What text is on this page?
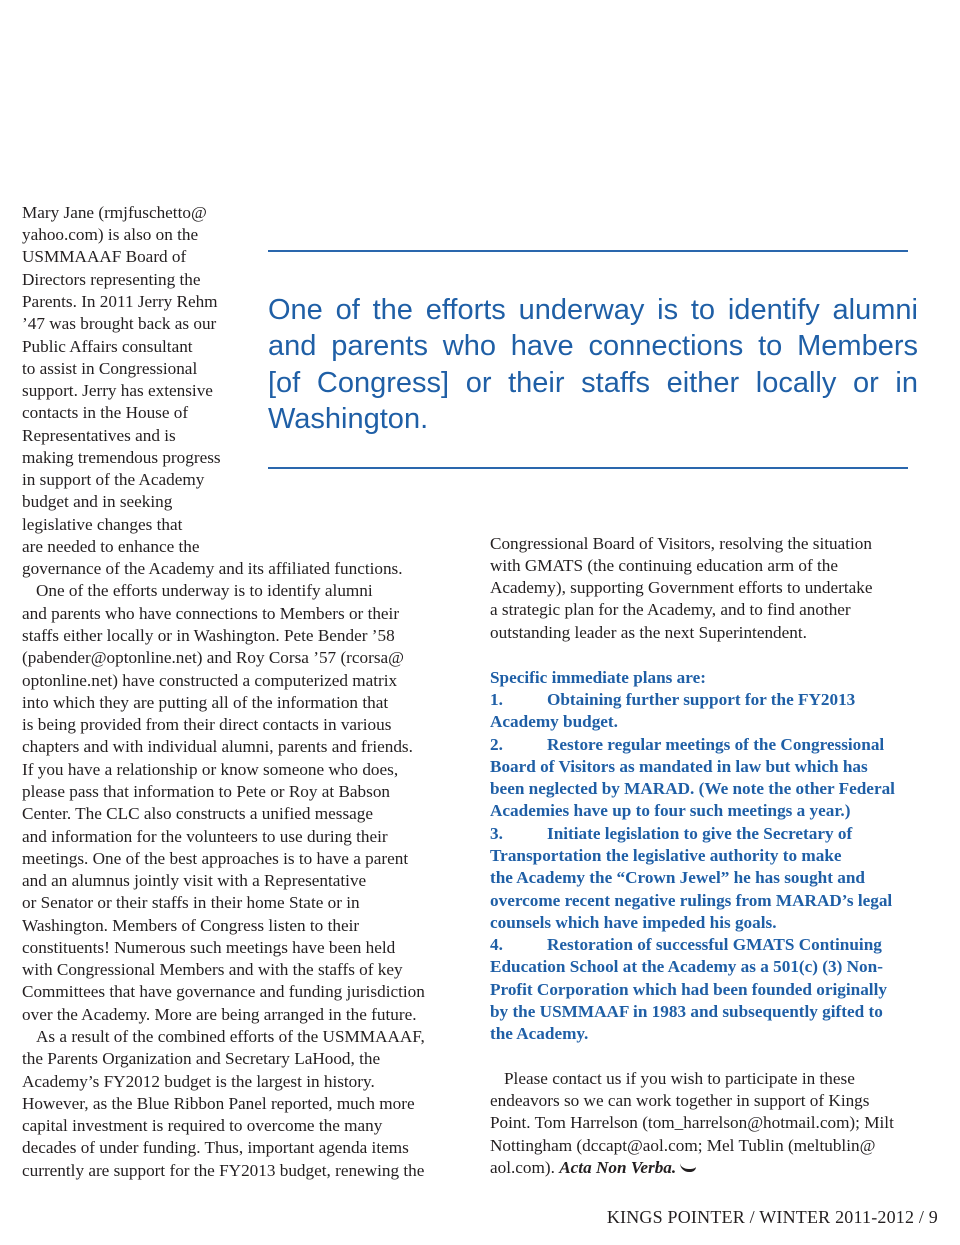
Mary Jane (rmjfuschetto@

yahoo.com) is also on the

USMMAAAF Board of

Directors representing the

Parents. In 2011 Jerry Rehm

’47 was brought back as our

Public Affairs consultant

to assist in Congressional

support. Jerry has extensive

contacts in the House of

Representatives and is

making tremendous progress

in support of the Academy

budget and in seeking

legislative changes that

are needed to enhance the

governance of the Academy and its affiliated functions.

One of the efforts underway is to identify alumni

and parents who have connections to Members or their

staffs either locally or in Washington. Pete Bender ’58

(pabender@optonline.net) and Roy Corsa ’57 (rcorsa@

optonline.net) have constructed a computerized matrix

into which they are putting all of the information that

is being provided from their direct contacts in various

chapters and with individual alumni, parents and friends.

If you have a relationship or know someone who does,

please pass that information to Pete or Roy at Babson

Center. The CLC also constructs a unified message

and information for the volunteers to use during their

meetings. One of the best approaches is to have a parent

and an alumnus jointly visit with a Representative

or Senator or their staffs in their home State or in

Washington. Members of Congress listen to their

constituents! Numerous such meetings have been held

with Congressional Members and with the staffs of key

Committees that have governance and funding jurisdiction

over the Academy. More are being arranged in the future.

As a result of the combined efforts of the USMMAAAF,

the Parents Organization and Secretary LaHood, the

Academy’s FY2012 budget is the largest in history.

However, as the Blue Ribbon Panel reported, much more

capital investment is required to overcome the many

decades of under funding. Thus, important agenda items

currently are support for the FY2013 budget, renewing the

One of the efforts underway is to identify alumni
and parents who have connections to Members
[of Congress] or their staffs either locally or in
Washington.

Congressional Board of Visitors, resolving the situation

with GMATS (the continuing education arm of the

Academy), supporting Government efforts to undertake

a strategic plan for the Academy, and to find another

outstanding leader as the next Superintendent.

Specific immediate plans are:

1.	Obtaining further support for the FY2013

Academy budget.

2.	Restore regular meetings of the Congressional

Board of Visitors as mandated in law but which has

been neglected by MARAD. (We note the other Federal

Academies have up to four such meetings a year.)

3.	Initiate legislation to give the Secretary of

Transportation the legislative authority to make

the Academy the “Crown Jewel” he has sought and

overcome recent negative rulings from MARAD’s legal

counsels which have impeded his goals.

4.	Restoration of successful GMATS Continuing

Education School at the Academy as a 501(c) (3) Non-

Profit Corporation which had been founded originally

by the USMMAAF in 1983 and subsequently gifted to

the Academy.

Please contact us if you wish to participate in these

endeavors so we can work together in support of Kings

Point. Tom Harrelson (tom_harrelson@hotmail.com); Milt

Nottingham (dccapt@aol.com; Mel Tublin (meltublin@

aol.com). Acta Non Verba.

KINGS POINTER / WINTER 2011-2012 / 9
